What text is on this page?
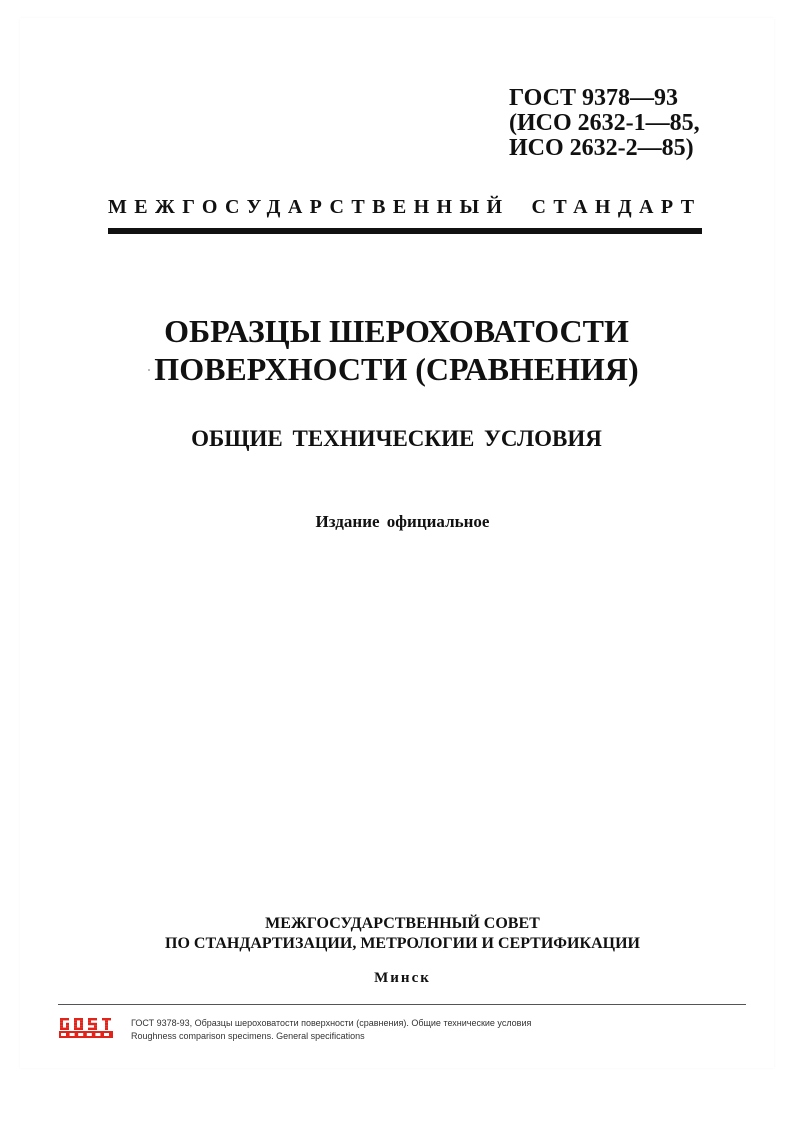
ГОСТ 9378—93
(ИСО 2632-1—85,
ИСО 2632-2—85)
МЕЖГОСУДАРСТВЕННЫЙ СТАНДАРТ
ОБРАЗЦЫ ШЕРОХОВАТОСТИ
ПОВЕРХНОСТИ (СРАВНЕНИЯ)
ОБЩИЕ ТЕХНИЧЕСКИЕ УСЛОВИЯ
Издание официальное
МЕЖГОСУДАРСТВЕННЫЙ СОВЕТ
ПО СТАНДАРТИЗАЦИИ, МЕТРОЛОГИИ И СЕРТИФИКАЦИИ
Минск
ГОСТ 9378-93, Образцы шероховатости поверхности (сравнения). Общие технические условия
Roughness comparison specimens. General specifications
